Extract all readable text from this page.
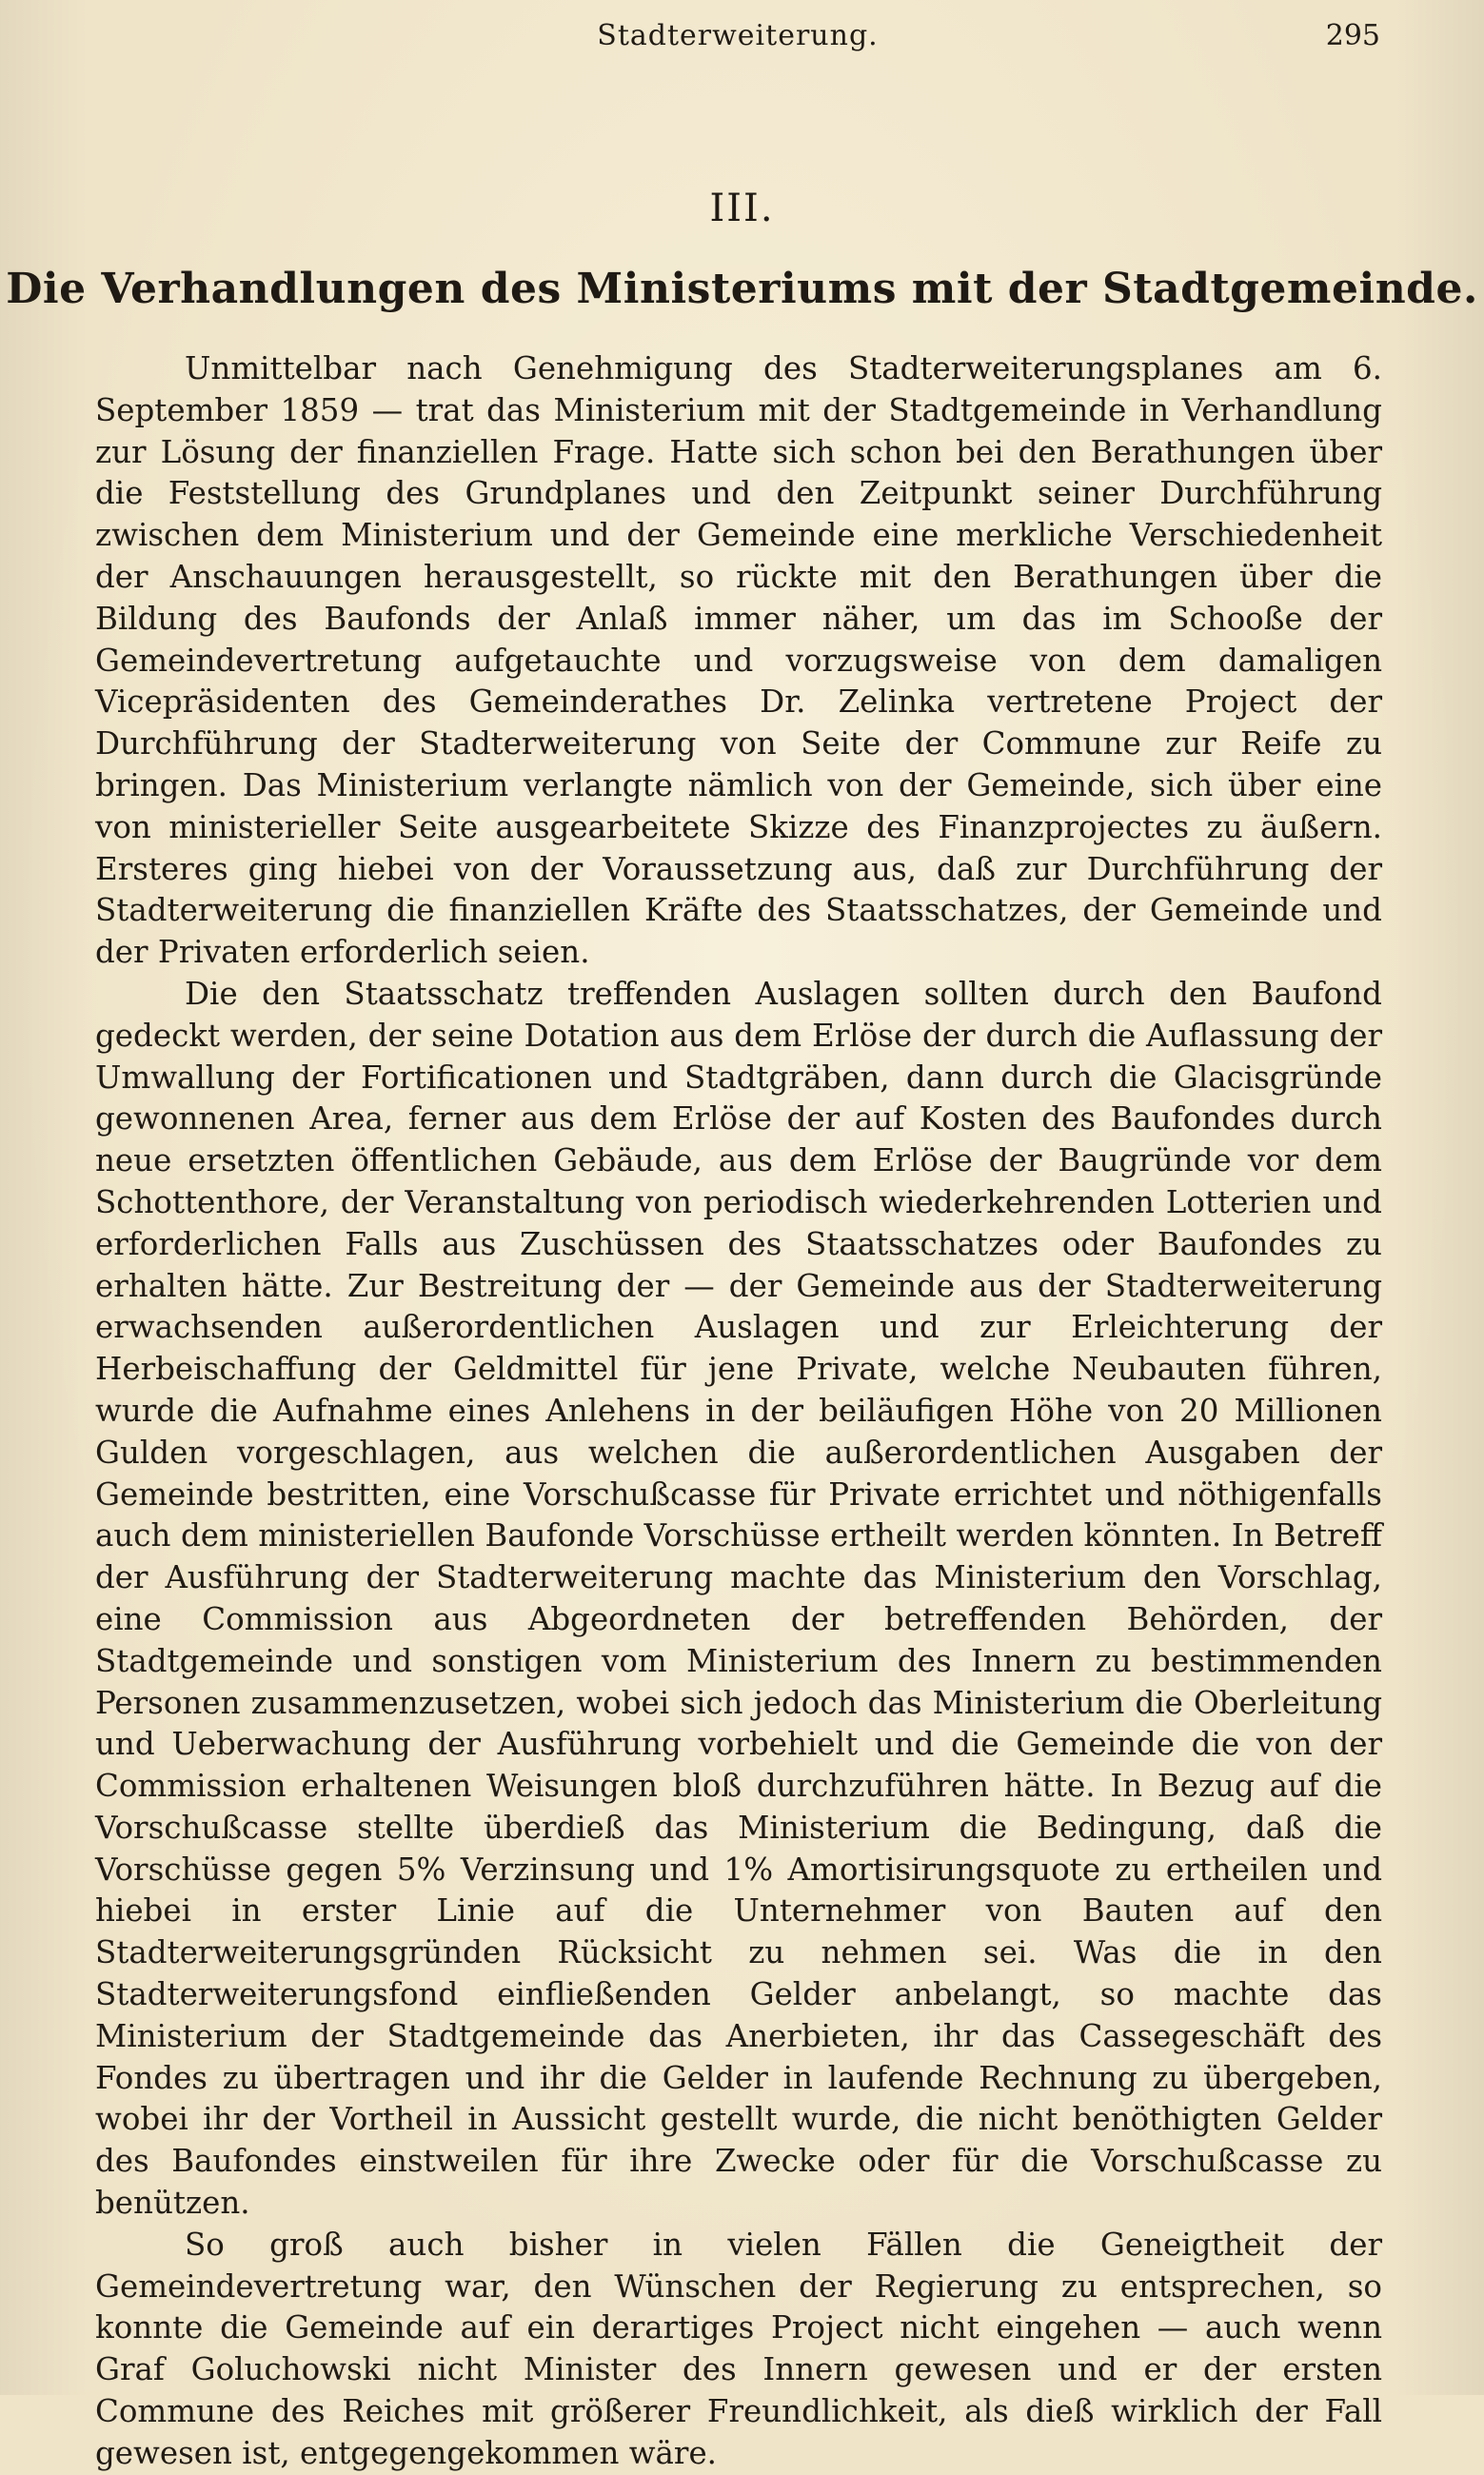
Stadterweiterung.	295
III.
Die Verhandlungen des Ministeriums mit der Stadtgemeinde.

Unmittelbar nach Genehmigung des Stadterweiterungsplanes am 6. September 1859 — trat das Ministerium mit der Stadtgemeinde in Verhandlung zur Lösung der finanziellen Frage. Hatte sich schon bei den Berathungen über die Feststellung des Grundplanes und den Zeitpunkt seiner Durchführung zwischen dem Ministerium und der Gemeinde eine merkliche Verschiedenheit der Anschauungen herausgestellt, so rückte mit den Berathungen über die Bildung des Baufonds der Anlaß immer näher, um das im Schooße der Gemeindevertretung aufgetauchte und vorzugsweise von dem damaligen Vicepräsidenten des Gemeinderathes Dr. Zelinka vertretene Project der Durchführung der Stadterweiterung von Seite der Commune zur Reife zu bringen. Das Ministerium verlangte nämlich von der Gemeinde, sich über eine von ministerieller Seite ausgearbeitete Skizze des Finanzprojectes zu äußern. Ersteres ging hiebei von der Voraussetzung aus, daß zur Durchführung der Stadterweiterung die finanziellen Kräfte des Staatsschatzes, der Gemeinde und der Privaten erforderlich seien.

Die den Staatsschatz treffenden Auslagen sollten durch den Baufond gedeckt werden, der seine Dotation aus dem Erlöse der durch die Auflassung der Umwallung der Fortificationen und Stadtgräben, dann durch die Glacisgründe gewonnenen Area, ferner aus dem Erlöse der auf Kosten des Baufondes durch neue ersetzten öffentlichen Gebäude, aus dem Erlöse der Baugründe vor dem Schottenthore, der Veranstaltung von periodisch wiederkehrenden Lotterien und erforderlichen Falls aus Zuschüssen des Staatsschatzes oder Baufondes zu erhalten hätte. Zur Bestreitung der — der Gemeinde aus der Stadterweiterung erwachsenden außerordentlichen Auslagen und zur Erleichterung der Herbeischaffung der Geldmittel für jene Private, welche Neubauten führen, wurde die Aufnahme eines Anlehens in der beiläufigen Höhe von 20 Millionen Gulden vorgeschlagen, aus welchen die außerordentlichen Ausgaben der Gemeinde bestritten, eine Vorschußcasse für Private errichtet und nöthigenfalls auch dem ministeriellen Baufonde Vorschüsse ertheilt werden könnten. In Betreff der Ausführung der Stadterweiterung machte das Ministerium den Vorschlag, eine Commission aus Abgeordneten der betreffenden Behörden, der Stadtgemeinde und sonstigen vom Ministerium des Innern zu bestimmenden Personen zusammenzusetzen, wobei sich jedoch das Ministerium die Oberleitung und Ueberwachung der Ausführung vorbehielt und die Gemeinde die von der Commission erhaltenen Weisungen bloß durchzuführen hätte. In Bezug auf die Vorschußcasse stellte überdieß das Ministerium die Bedingung, daß die Vorschüsse gegen 5% Verzinsung und 1% Amortisirungsquote zu ertheilen und hiebei in erster Linie auf die Unternehmer von Bauten auf den Stadterweiterungsgründen Rücksicht zu nehmen sei. Was die in den Stadterweiterungsfond einfließenden Gelder anbelangt, so machte das Ministerium der Stadtgemeinde das Anerbieten, ihr das Cassegeschäft des Fondes zu übertragen und ihr die Gelder in laufende Rechnung zu übergeben, wobei ihr der Vortheil in Aussicht gestellt wurde, die nicht benöthigten Gelder des Baufondes einstweilen für ihre Zwecke oder für die Vorschußcasse zu benützen.

So groß auch bisher in vielen Fällen die Geneigtheit der Gemeindevertretung war, den Wünschen der Regierung zu entsprechen, so konnte die Gemeinde auf ein derartiges Project nicht eingehen — auch wenn Graf Goluchowski nicht Minister des Innern gewesen und er der ersten Commune des Reiches mit größerer Freundlichkeit, als dieß wirklich der Fall gewesen ist, entgegengekommen wäre.
